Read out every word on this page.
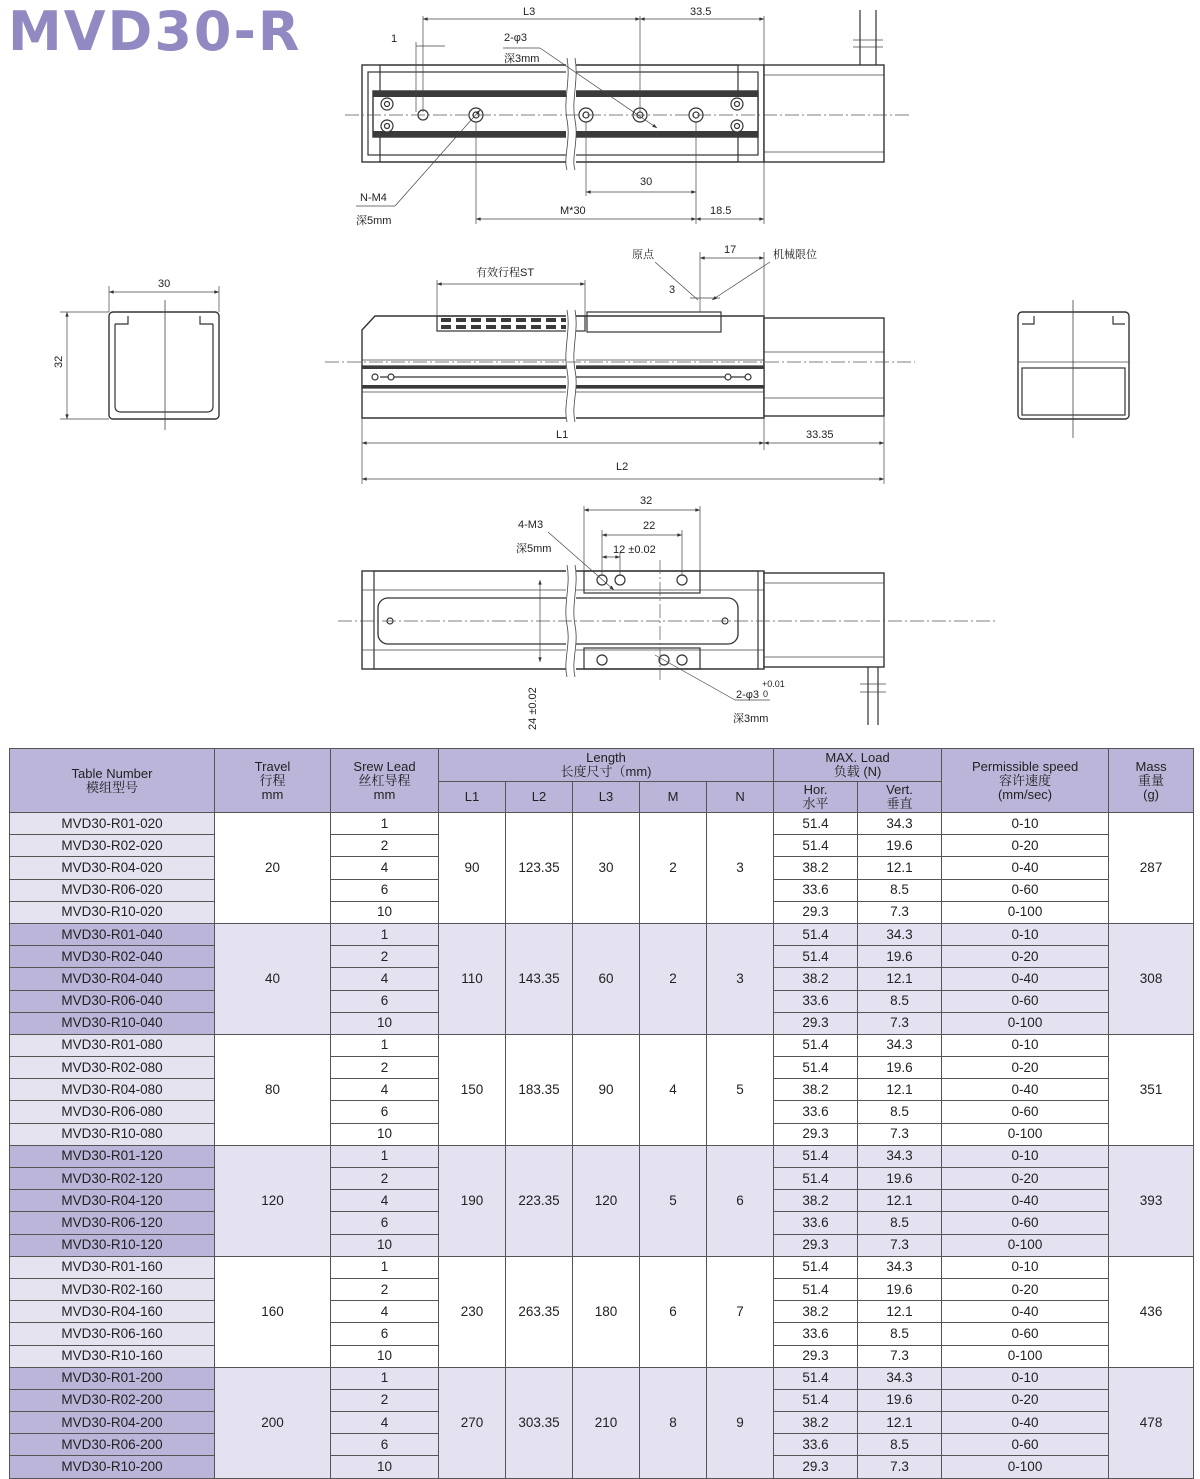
MVD30-R	L3	33.5
1	2-φ3
深3mm
N-M4
深5mm
30
M*30	18.5
有效行程ST
17
原点	机械限位
3
L1	33.35
L2
30
32
32
22
12 ±0.02
4-M3
深5mm
24 ±0.02	2-φ3
+0.01
0
深3mm
Table Number
模组型号	Travel
行程
mm	Srew Lead
丝杠导程
mm	Length
长度尺寸（mm)					MAX. Load
负载 (N)		Permissible speed
容许速度
(mm/sec)	Mass
重量
(g)

			L1	L2	L3	M	N	Hor.
水平	Vert.
垂直		

MVD30-R01-020	20	1	90	123.35	30	2	3	51.4	34.3	0-10	287
MVD30-R02-020		2						51.4	19.6	0-20	
MVD30-R04-020		4						38.2	12.1	0-40	
MVD30-R06-020		6						33.6	8.5	0-60	
MVD30-R10-020		10						29.3	7.3	0-100	
MVD30-R01-040	40	1	110	143.35	60	2	3	51.4	34.3	0-10	308
MVD30-R02-040		2						51.4	19.6	0-20	
MVD30-R04-040		4						38.2	12.1	0-40	
MVD30-R06-040		6						33.6	8.5	0-60	
MVD30-R10-040		10						29.3	7.3	0-100	
MVD30-R01-080	80	1	150	183.35	90	4	5	51.4	34.3	0-10	351
MVD30-R02-080		2						51.4	19.6	0-20	
MVD30-R04-080		4						38.2	12.1	0-40	
MVD30-R06-080		6						33.6	8.5	0-60	
MVD30-R10-080		10						29.3	7.3	0-100	
MVD30-R01-120	120	1	190	223.35	120	5	6	51.4	34.3	0-10	393
MVD30-R02-120		2						51.4	19.6	0-20	
MVD30-R04-120		4						38.2	12.1	0-40	
MVD30-R06-120		6						33.6	8.5	0-60	
MVD30-R10-120		10						29.3	7.3	0-100	
MVD30-R01-160	160	1	230	263.35	180	6	7	51.4	34.3	0-10	436
MVD30-R02-160		2						51.4	19.6	0-20	
MVD30-R04-160		4						38.2	12.1	0-40	
MVD30-R06-160		6						33.6	8.5	0-60	
MVD30-R10-160		10						29.3	7.3	0-100	
MVD30-R01-200	200	1	270	303.35	210	8	9	51.4	34.3	0-10	478
MVD30-R02-200		2						51.4	19.6	0-20	
MVD30-R04-200		4						38.2	12.1	0-40	
MVD30-R06-200		6						33.6	8.5	0-60	
MVD30-R10-200		10						29.3	7.3	0-100	
